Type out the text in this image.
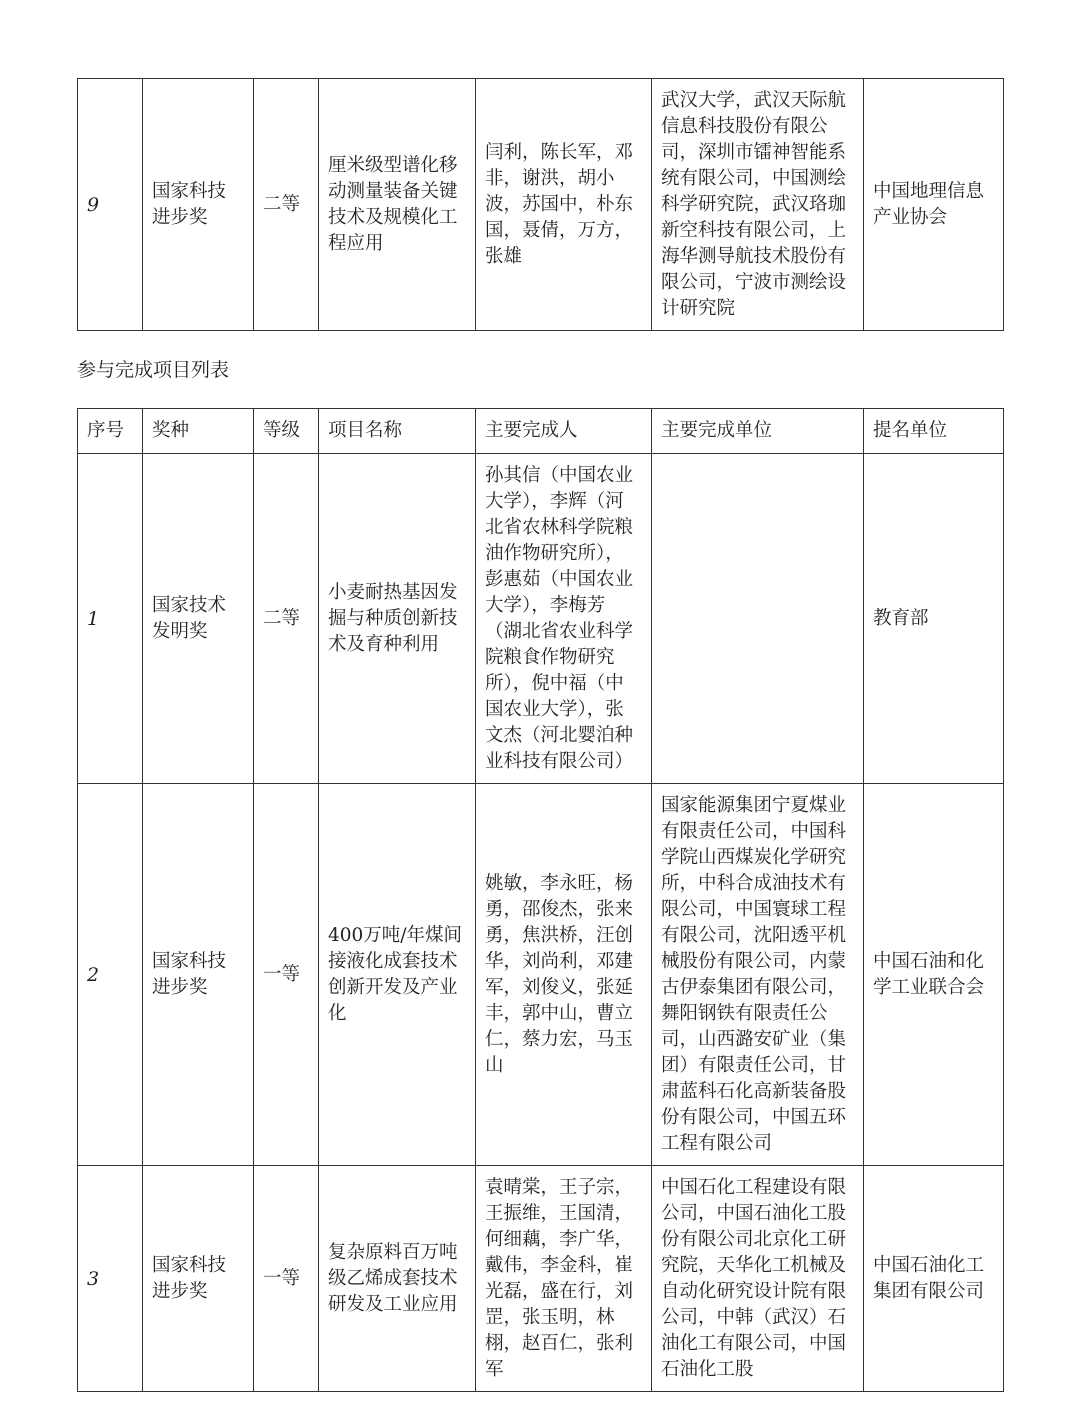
9	国家科技进步奖	二等	厘米级型谱化移动测量装备关键技术及规模化工程应用	闫利，陈长军，邓非，谢洪，胡小波，苏国中，朴东国，聂倩，万方，张雄	武汉大学，武汉天际航信息科技股份有限公司，深圳市镭神智能系统有限公司，中国测绘科学研究院，武汉珞珈新空科技有限公司，上海华测导航技术股份有限公司，宁波市测绘设计研究院	中国地理信息产业协会
参与完成项目列表
序号	奖种	等级	项目名称	主要完成人	主要完成单位	提名单位
1	国家技术发明奖	二等	小麦耐热基因发掘与种质创新技术及育种利用	孙其信（中国农业大学），李辉（河北省农林科学院粮油作物研究所），彭惠茹（中国农业大学），李梅芳（湖北省农业科学院粮食作物研究所），倪中福（中国农业大学），张文杰（河北婴泊种业科技有限公司）		教育部
2	国家科技进步奖	一等	400万吨/年煤间接液化成套技术创新开发及产业化	姚敏，李永旺，杨勇，邵俊杰，张来勇，焦洪桥，汪创华，刘尚利，邓建军，刘俊义，张延丰，郭中山，曹立仁，蔡力宏，马玉山	国家能源集团宁夏煤业有限责任公司，中国科学院山西煤炭化学研究所，中科合成油技术有限公司，中国寰球工程有限公司，沈阳透平机械股份有限公司，内蒙古伊泰集团有限公司，舞阳钢铁有限责任公司，山西潞安矿业（集团）有限责任公司，甘肃蓝科石化高新装备股份有限公司，中国五环工程有限公司	中国石油和化学工业联合会
3	国家科技进步奖	一等	复杂原料百万吨级乙烯成套技术研发及工业应用	袁晴棠，王子宗，王振维，王国清，何细藕，李广华，戴伟，李金科，崔光磊，盛在行，刘罡，张玉明，林栩，赵百仁，张利军	中国石化工程建设有限公司，中国石油化工股份有限公司北京化工研究院，天华化工机械及自动化研究设计院有限公司，中韩（武汉）石油化工有限公司，中国石油化工股	中国石油化工集团有限公司
